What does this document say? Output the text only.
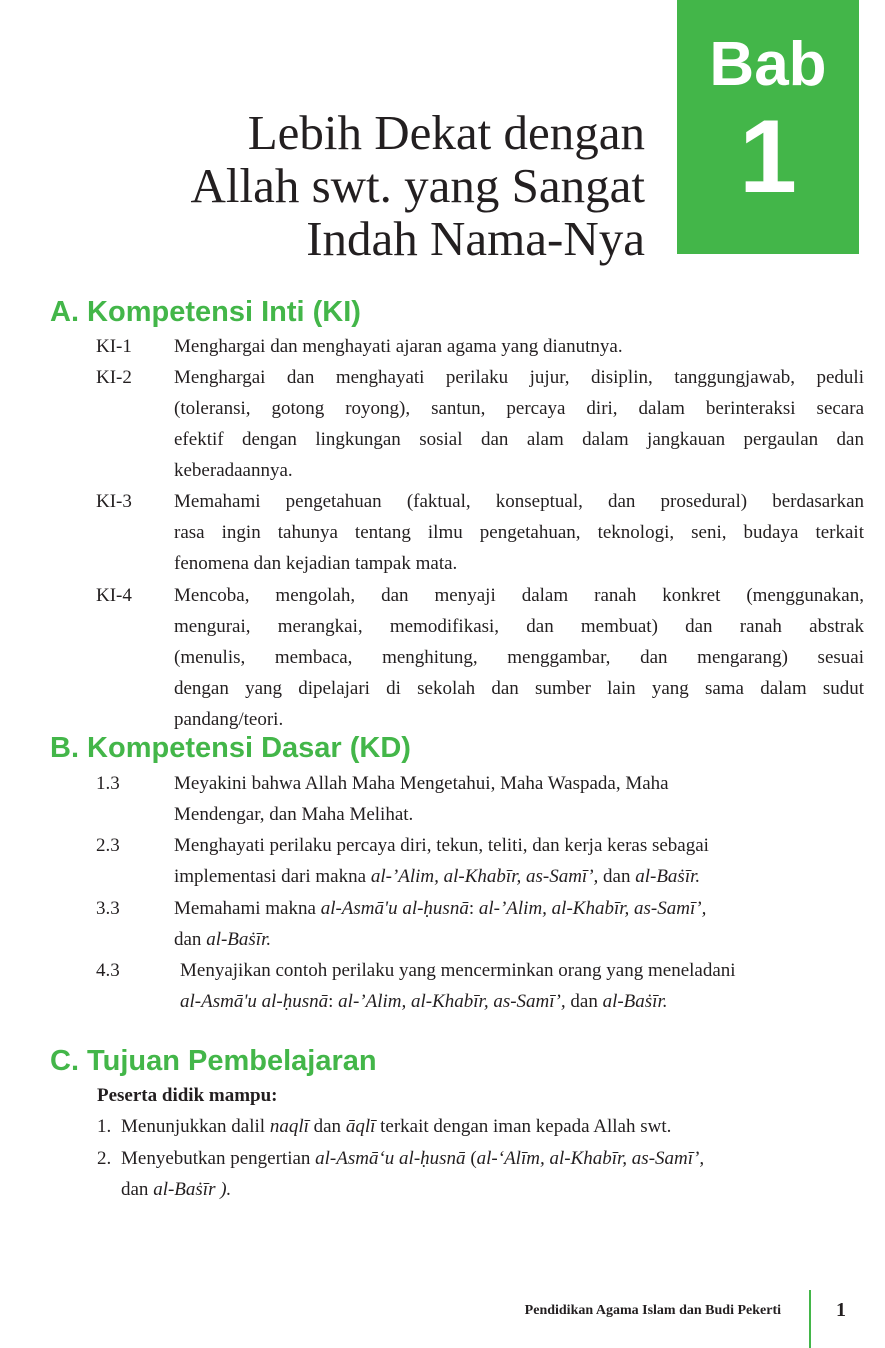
Bab
1
Lebih Dekat dengan
Allah swt. yang Sangat
Indah Nama-Nya
A. Kompetensi Inti (KI)
KI-1 Menghargai dan menghayati ajaran agama yang dianutnya.
KI-2 Menghargai dan menghayati perilaku jujur, disiplin, tanggungjawab, peduli
(toleransi, gotong royong), santun, percaya diri, dalam berinteraksi secara
efektif dengan lingkungan sosial dan alam dalam jangkauan pergaulan dan
keberadaannya.
KI-3 Memahami pengetahuan (faktual, konseptual, dan prosedural) berdasarkan
rasa ingin tahunya tentang ilmu pengetahuan, teknologi, seni, budaya terkait
fenomena dan kejadian tampak mata.
KI-4 Mencoba, mengolah, dan menyaji dalam ranah konkret (menggunakan,
mengurai, merangkai, memodifikasi, dan membuat) dan ranah abstrak
(menulis, membaca, menghitung, menggambar, dan mengarang) sesuai
dengan yang dipelajari di sekolah dan sumber lain yang sama dalam sudut
pandang/teori.
B. Kompetensi Dasar (KD)
1.3	Meyakini bahwa Allah Maha Mengetahui, Maha Waspada, Maha
Mendengar, dan Maha Melihat.
2.3	Menghayati perilaku percaya diri, tekun, teliti, dan kerja keras sebagai
implementasi dari makna al-’Alim, al-Khabīr, as-Samī’, dan al-Baṡīr.
3.3	Memahami makna al-Asmā'u al-ḥusnā: al-’Alim, al-Khabīr, as-Samī’,
dan al-Baṡīr.
4.3	Menyajikan contoh perilaku yang mencerminkan orang yang meneladani
al-Asmā'u al-ḥusnā: al-’Alim, al-Khabīr, as-Samī’, dan al-Baṡīr.
C. Tujuan Pembelajaran
Peserta didik mampu:
1. Menunjukkan dalil naqlī dan āqlī terkait dengan iman kepada Allah swt.
2. Menyebutkan pengertian al-Asmā‘u al-ḥusnā (al-‘Alīm, al-Khabīr, as-Samī’,
dan al-Baṡīr ).
Pendidikan Agama Islam dan Budi Pekerti	1
